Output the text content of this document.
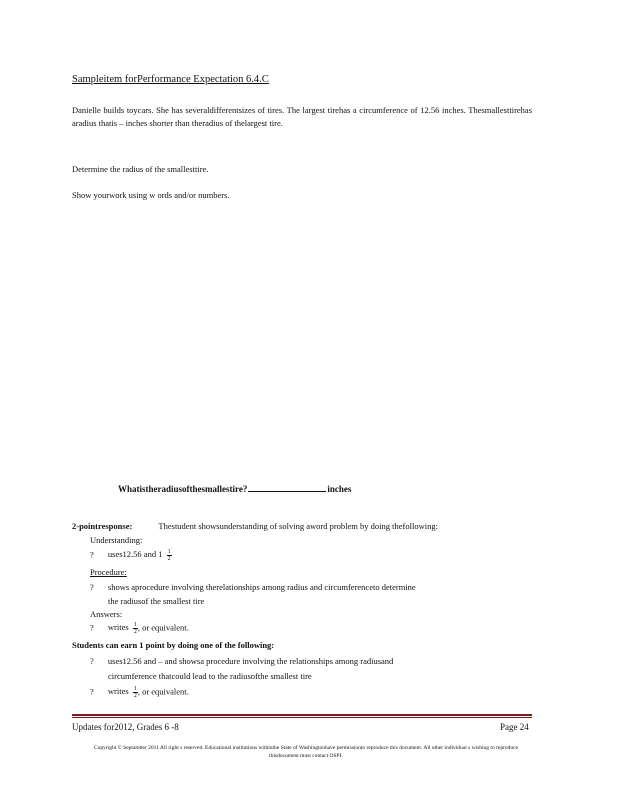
Sampleitem forPerformance Expectation 6.4.C
Danielle builds toycars. She has severaldifferentsizes of tires. The largest tirehas a circumference of 12.56 inches. Thesmallesttirehas aradius thatis – inches shorter than theradius of thelargest tire.
Determine the radius of the smallesttire.
Show yourwork using w ords and/or numbers.
Whatistheradiusofthesmallestire?	inches
2-pointresponse:	Thestudent showsunderstanding of solving aword problem by doing thefollowing:
Understanding:
? uses12.56 and $1 \frac{1}{2}$
Procedure:
? shows aprocedure involving therelationships among radius and circumferenceto determine
the radiusof the smallest tire
Answers:
? writes $\frac{1}{2}$ , or equivalent.
Students can earn 1 point by doing one of the following:
? uses12.56 and – and showsa procedure involving the relationships among radiusand
circumference thatcould lead to the radiusofthe smallest tire
? writes $\frac{1}{2}$ , or equivalent.
Updates for2012, Grades 6 -8	Page 24
Copyright © Septamber 2011 All right s reserved. Educational institutions withinthe State of Washingtonhave permissionto reproduce this document. All other individual s wishing to reproduce thisdocument must contact OSPI.
